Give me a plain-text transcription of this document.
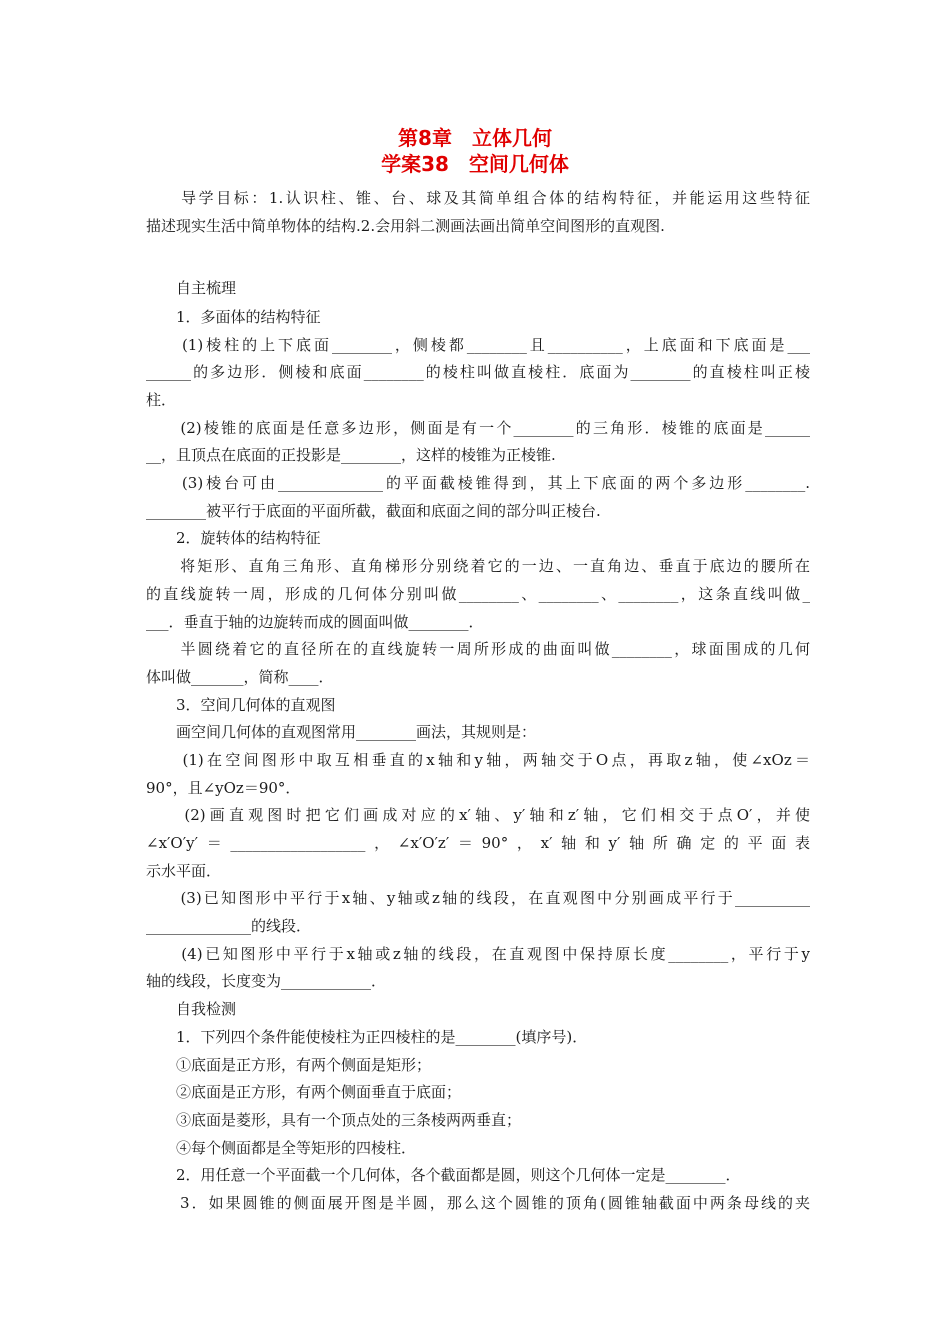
第8章　立体几何
学案38　空间几何体
　　导学目标：1.认识柱、锥、台、球及其简单组合体的结构特征，并能运用这些特征
描述现实生活中简单物体的结构.2.会用斜二测画法画出简单空间图形的直观图.
　　自主梳理
　　1．多面体的结构特征
　　(1)棱柱的上下底面________，侧棱都________且__________，上底面和下底面是___
______的多边形．侧棱和底面________的棱柱叫做直棱柱．底面为________的直棱柱叫正棱
柱．
　　(2)棱锥的底面是任意多边形，侧面是有一个________的三角形．棱锥的底面是______
__，且顶点在底面的正投影是________，这样的棱锥为正棱锥.
　　(3)棱台可由______________的平面截棱锥得到，其上下底面的两个多边形________.
________被平行于底面的平面所截，截面和底面之间的部分叫正棱台.
　　2．旋转体的结构特征
　　将矩形、直角三角形、直角梯形分别绕着它的一边、一直角边、垂直于底边的腰所在
的直线旋转一周，形成的几何体分别叫做________、________、________，这条直线叫做_
___．垂直于轴的边旋转而成的圆面叫做________．
　　半圆绕着它的直径所在的直线旋转一周所形成的曲面叫做________，球面围成的几何
体叫做_______，简称____．
　　3．空间几何体的直观图
　　画空间几何体的直观图常用________画法，其规则是：
　　(1)在空间图形中取互相垂直的x轴和y轴，两轴交于O点，再取z轴，使∠xOz＝
90°，且∠yOz＝90°．
　　(2)画直观图时把它们画成对应的x′轴、y′轴和z′轴，它们相交于点O′，并使
∠x′O′y′＝__________________，∠x′O′z′＝90°，x′轴和y′轴所确定的平面表
示水平面．
　　(3)已知图形中平行于x轴、y轴或z轴的线段，在直观图中分别画成平行于__________
______________的线段．
　　(4)已知图形中平行于x轴或z轴的线段，在直观图中保持原长度________，平行于y
轴的线段，长度变为____________．
　　自我检测
　　1．下列四个条件能使棱柱为正四棱柱的是________(填序号)．
　　①底面是正方形，有两个侧面是矩形；
　　②底面是正方形，有两个侧面垂直于底面；
　　③底面是菱形，具有一个顶点处的三条棱两两垂直；
　　④每个侧面都是全等矩形的四棱柱．
　　2．用任意一个平面截一个几何体，各个截面都是圆，则这个几何体一定是________．
　　3．如果圆锥的侧面展开图是半圆，那么这个圆锥的顶角(圆锥轴截面中两条母线的夹
